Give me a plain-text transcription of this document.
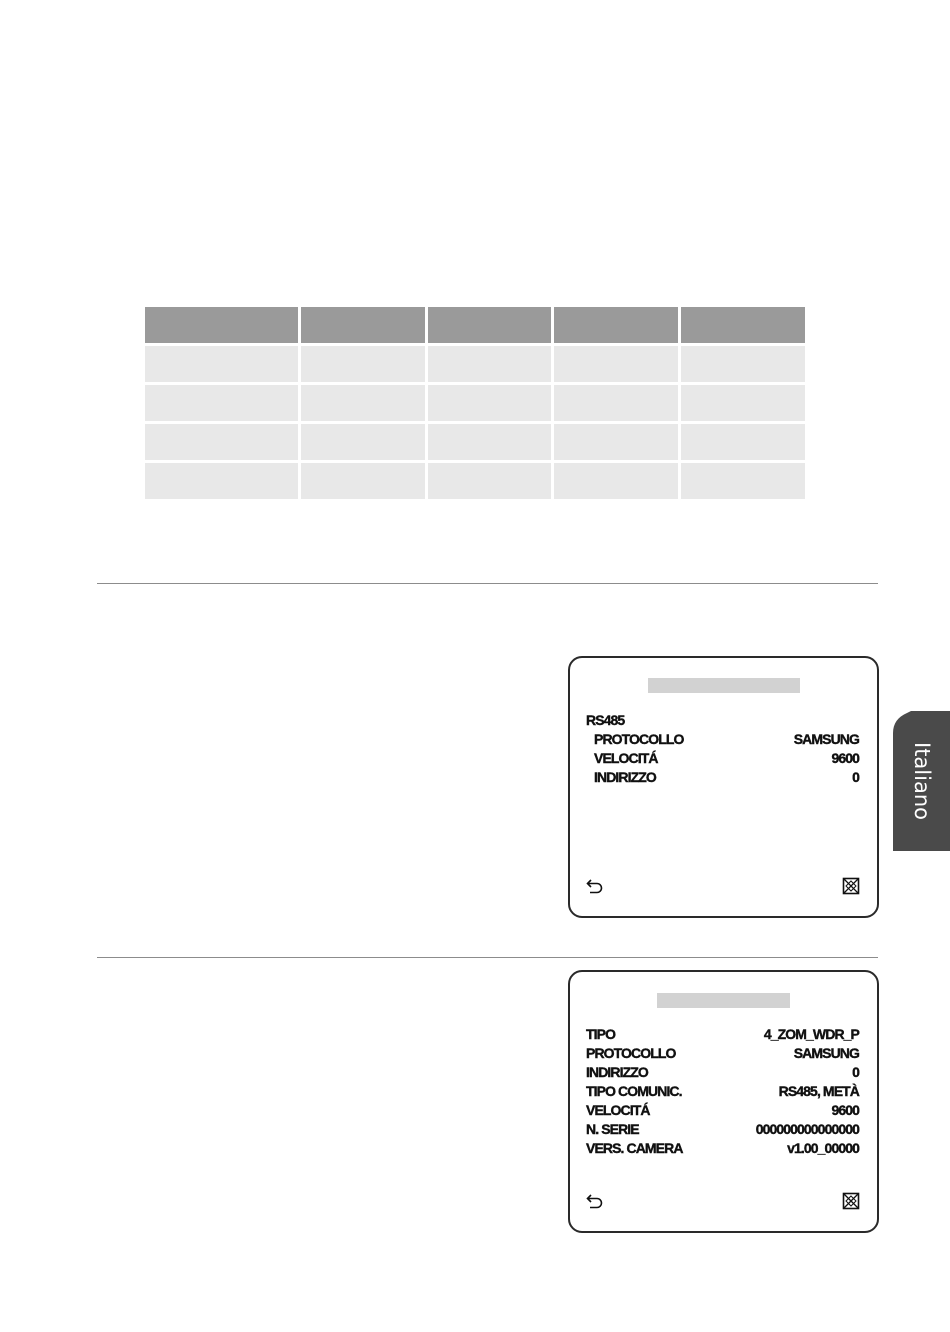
RS485
PROTOCOLLO	SAMSUNG
VELOCITÁ	9600
INDIRIZZO	0
TIPO	4_ZOM_WDR_P
PROTOCOLLO	SAMSUNG
INDIRIZZO	0
TIPO COMUNIC.	RS485, METÀ
VELOCITÁ	9600
N. SERIE	000000000000000
VERS. CAMERA	v1.00_00000
Italiano
